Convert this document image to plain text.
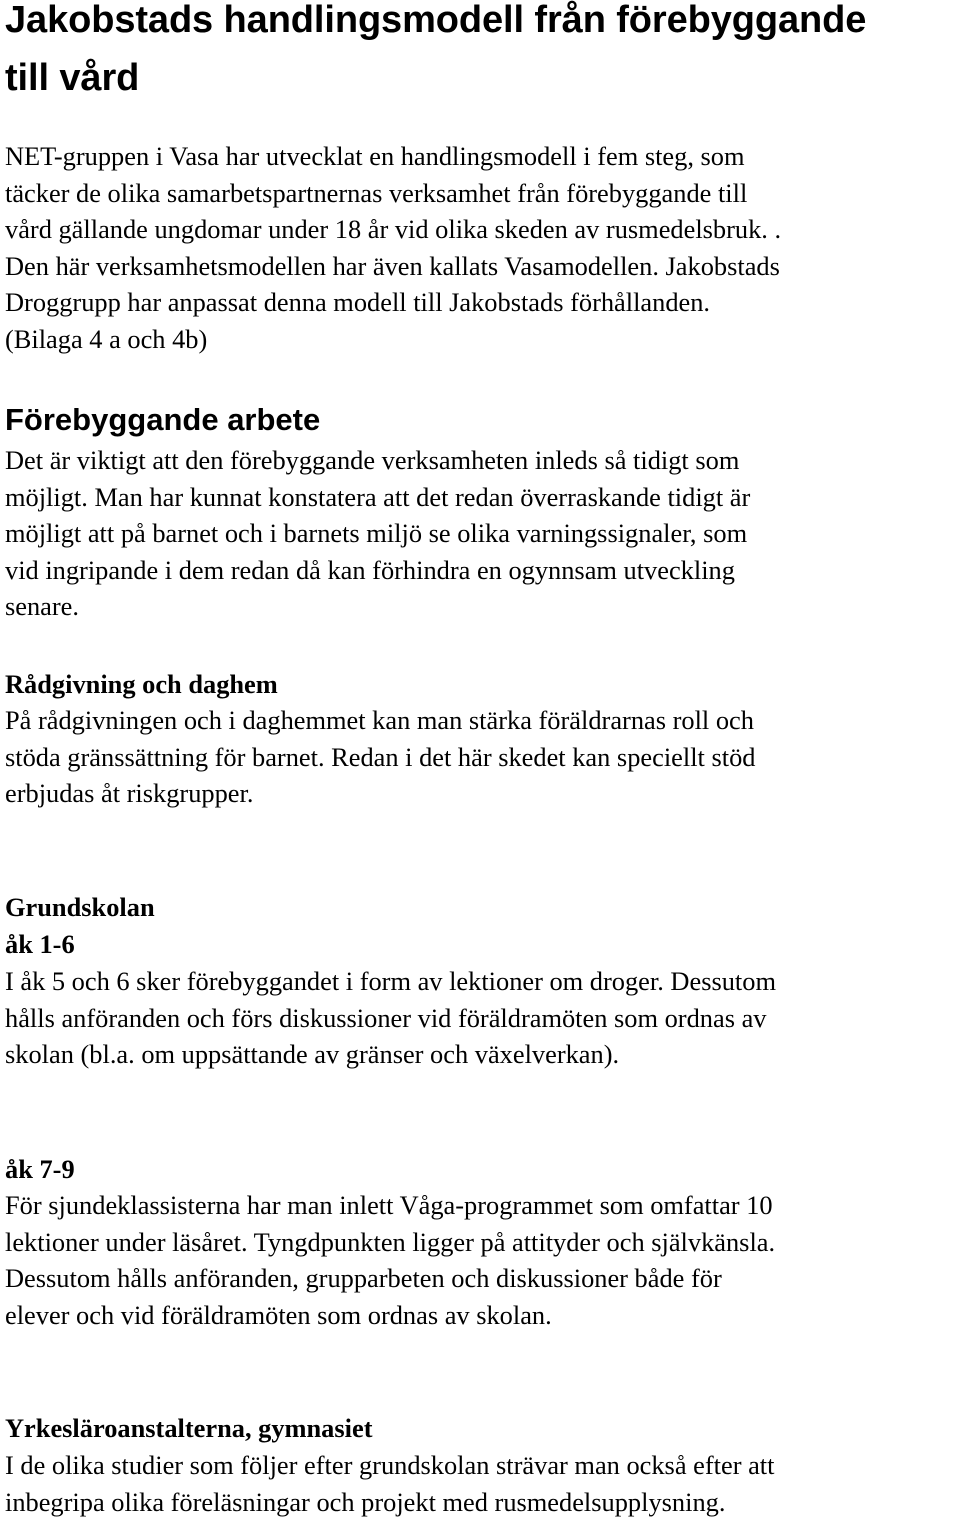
Jakobstads handlingsmodell från förebyggande
till vård
NET-gruppen i Vasa har utvecklat en handlingsmodell i fem steg, som
täcker de olika samarbetspartnernas verksamhet från förebyggande till
vård gällande ungdomar under 18 år vid olika skeden av rusmedelsbruk. .
Den här verksamhetsmodellen har även kallats Vasamodellen. Jakobstads
Droggrupp har anpassat denna modell till Jakobstads förhållanden.
(Bilaga 4 a och 4b)
Förebyggande arbete
Det är viktigt att den förebyggande verksamheten inleds så tidigt som
möjligt. Man har kunnat konstatera att det redan överraskande tidigt är
möjligt att på barnet och i barnets miljö se olika varningssignaler, som
vid ingripande i dem redan då kan förhindra en ogynnsam utveckling
senare.
Rådgivning och daghem
På rådgivningen och i daghemmet kan man stärka föräldrarnas roll och
stöda gränssättning för barnet. Redan i det här skedet kan speciellt stöd
erbjudas åt riskgrupper.
Grundskolan
åk 1-6
I åk 5 och 6 sker förebyggandet i form av lektioner om droger. Dessutom
hålls anföranden och förs diskussioner vid föräldramöten som ordnas av
skolan (bl.a. om uppsättande av gränser och växelverkan).
åk 7-9
För sjundeklassisterna har man inlett Våga-programmet som omfattar 10
lektioner under läsåret. Tyngdpunkten ligger på attityder och självkänsla.
Dessutom hålls anföranden, grupparbeten och diskussioner både för
elever och vid föräldramöten som ordnas av skolan.
Yrkesläroanstalterna, gymnasiet
I de olika studier som följer efter grundskolan strävar man också efter att
inbegripa olika föreläsningar och projekt med rusmedelsupplysning.
